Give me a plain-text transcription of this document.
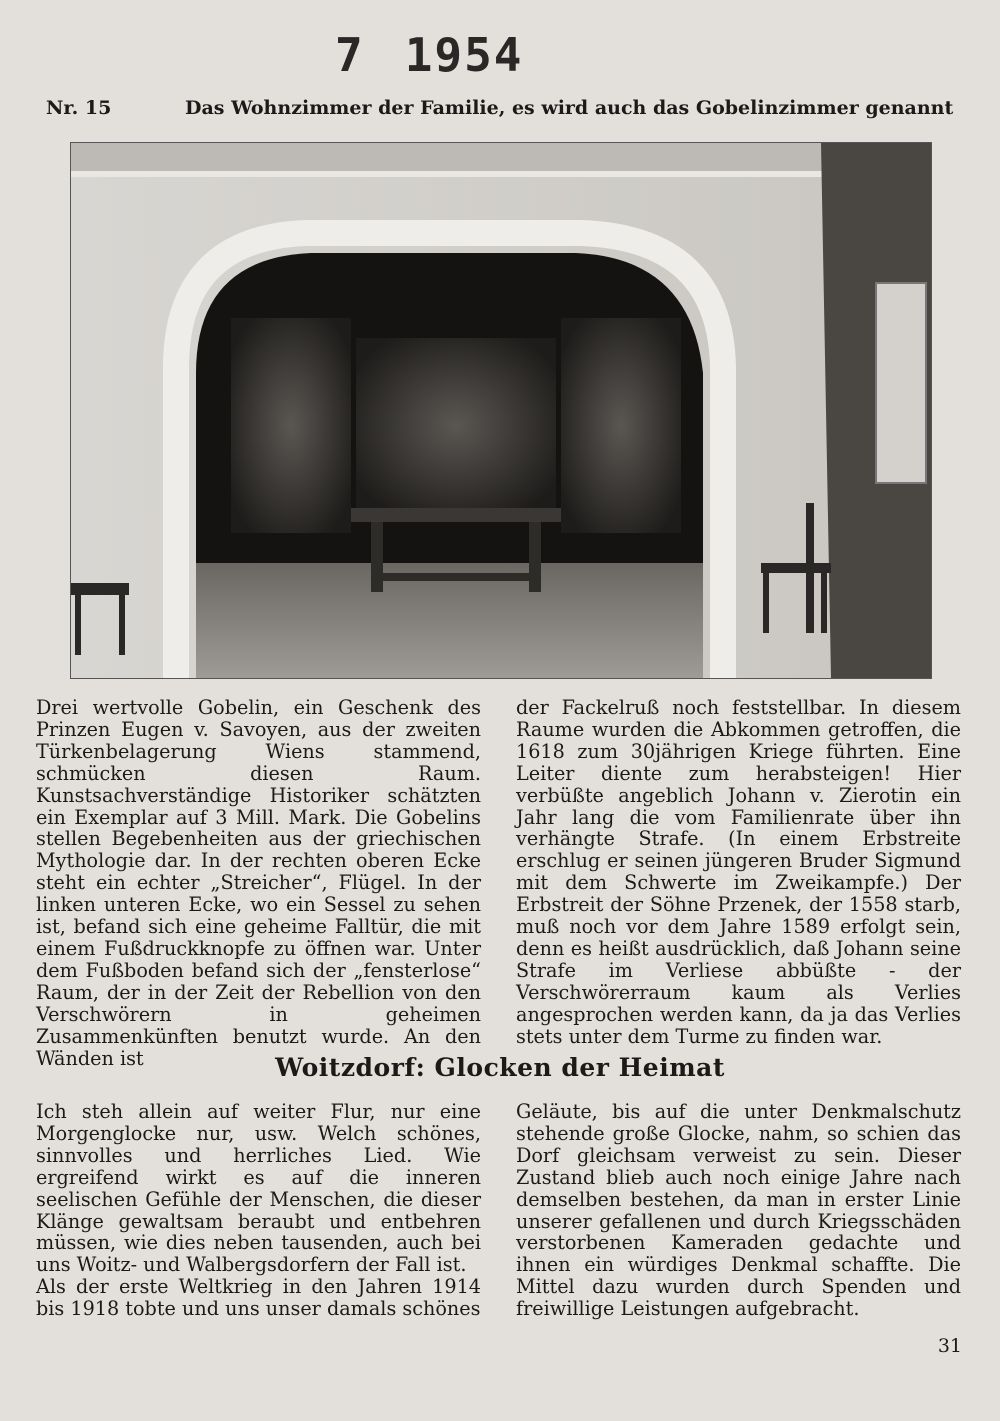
7 1954
Nr. 15	Das Wohnzimmer der Familie, es wird auch das Gobelinzimmer genannt

Drei wertvolle Gobelin, ein Geschenk des Prinzen Eugen v. Savoyen, aus der zweiten Türkenbelagerung Wiens stammend, schmücken diesen Raum. Kunstsachverständige Historiker schätzten ein Exemplar auf 3 Mill. Mark. Die Gobelins stellen Begebenheiten aus der griechischen Mythologie dar. In der rechten oberen Ecke steht ein echter „Streicher“, Flügel. In der linken unteren Ecke, wo ein Sessel zu sehen ist, befand sich eine geheime Falltür, die mit einem Fußdruckknopfe zu öffnen war. Unter dem Fußboden befand sich der „fensterlose“ Raum, der in der Zeit der Rebellion von den Verschwörern in geheimen Zusammenkünften benutzt wurde. An den Wänden ist

der Fackelruß noch feststellbar. In diesem Raume wurden die Abkommen getroffen, die 1618 zum 30jährigen Kriege führten. Eine Leiter diente zum herabsteigen! Hier verbüßte angeblich Johann v. Zierotin ein Jahr lang die vom Familienrate über ihn verhängte Strafe. (In einem Erbstreite erschlug er seinen jüngeren Bruder Sigmund mit dem Schwerte im Zweikampfe.) Der Erbstreit der Söhne Przenek, der 1558 starb, muß noch vor dem Jahre 1589 erfolgt sein, denn es heißt ausdrücklich, daß Johann seine Strafe im Verliese abbüßte - der Verschwörerraum kaum als Verlies angesprochen werden kann, da ja das Verlies stets unter dem Turme zu finden war.

Woitzdorf: Glocken der Heimat

Ich steh allein auf weiter Flur, nur eine Morgenglocke nur, usw. Welch schönes, sinnvolles und herrliches Lied. Wie ergreifend wirkt es auf die inneren seelischen Gefühle der Menschen, die dieser Klänge gewaltsam beraubt und entbehren müssen, wie dies neben tausenden, auch bei uns Woitz- und Walbergsdorfern der Fall ist.

Als der erste Weltkrieg in den Jahren 1914 bis 1918 tobte und uns unser damals schönes

Geläute, bis auf die unter Denkmalschutz stehende große Glocke, nahm, so schien das Dorf gleichsam verweist zu sein. Dieser Zustand blieb auch noch einige Jahre nach demselben bestehen, da man in erster Linie unserer gefallenen und durch Kriegsschäden verstorbenen Kameraden gedachte und ihnen ein würdiges Denkmal schaffte. Die Mittel dazu wurden durch Spenden und freiwillige Leistungen aufgebracht.

31
